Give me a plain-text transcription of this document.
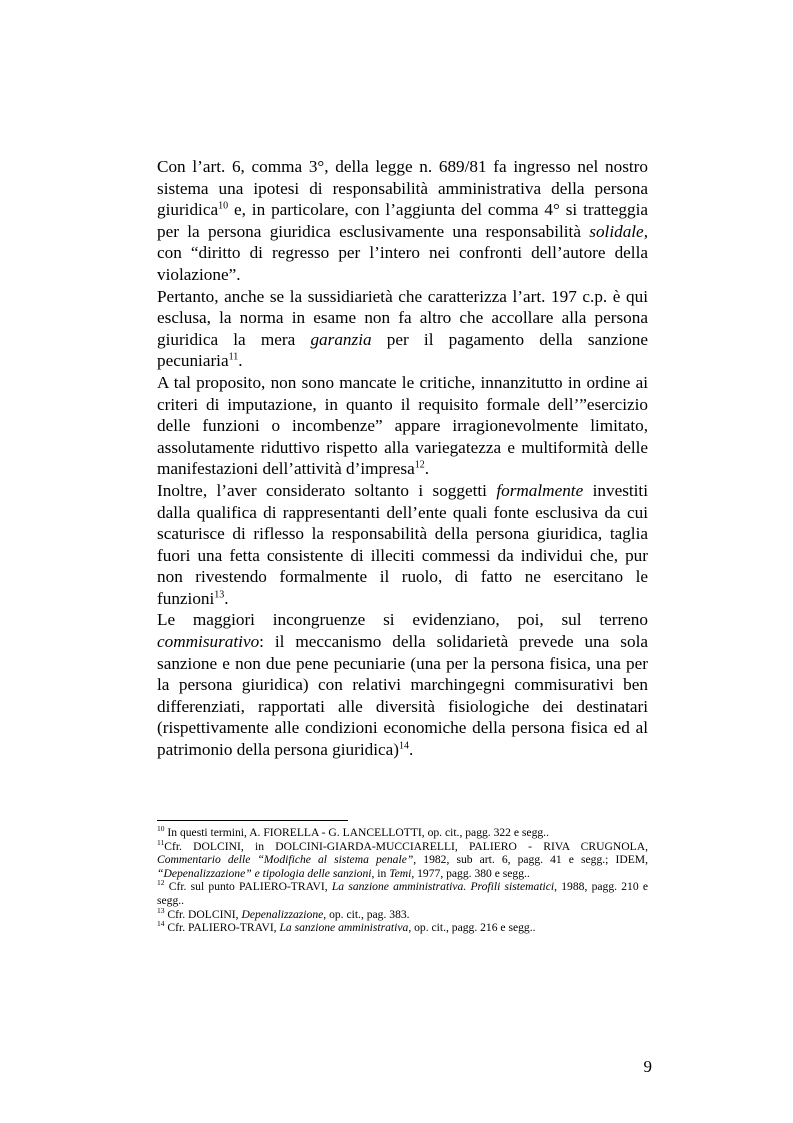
Con l’art. 6, comma 3°, della legge n. 689/81 fa ingresso nel nostro sistema una ipotesi di responsabilità amministrativa della persona giuridica$^{10}$ e, in particolare, con l’aggiunta del comma 4° si tratteggia per la persona giuridica esclusivamente una responsabilità solidale, con “diritto di regresso per l’intero nei confronti dell’autore della violazione”.

Pertanto, anche se la sussidiarietà che caratterizza l’art. 197 c.p. è qui esclusa, la norma in esame non fa altro che accollare alla persona giuridica la mera garanzia per il pagamento della sanzione pecuniaria$^{11}$.

A tal proposito, non sono mancate le critiche, innanzitutto in ordine ai criteri di imputazione, in quanto il requisito formale dell’”esercizio delle funzioni o incombenze” appare irragionevolmente limitato, assolutamente riduttivo rispetto alla variegatezza e multiformità delle manifestazioni dell’attività d’impresa$^{12}$.

Inoltre, l’aver considerato soltanto i soggetti formalmente investiti dalla qualifica di rappresentanti dell’ente quali fonte esclusiva da cui scaturisce di riflesso la responsabilità della persona giuridica, taglia fuori una fetta consistente di illeciti commessi da individui che, pur non rivestendo formalmente il ruolo, di fatto ne esercitano le funzioni$^{13}$.

Le maggiori incongruenze si evidenziano, poi, sul terreno commisurativo: il meccanismo della solidarietà prevede una sola sanzione e non due pene pecuniarie (una per la persona fisica, una per la persona giuridica) con relativi marchingegni commisurativi ben differenziati, rapportati alle diversità fisiologiche dei destinatari (rispettivamente alle condizioni economiche della persona fisica ed al patrimonio della persona giuridica)$^{14}$.

$^{10}$ In questi termini, A. FIORELLA - G. LANCELLOTTI, op. cit., pagg. 322 e segg..

$^{11}$Cfr. DOLCINI, in DOLCINI-GIARDA-MUCCIARELLI, PALIERO - RIVA CRUGNOLA, Commentario delle “Modifiche al sistema penale”, 1982, sub art. 6, pagg. 41 e segg.; IDEM, “Depenalizzazione” e tipologia delle sanzioni, in Temi, 1977, pagg. 380 e segg..

$^{12}$ Cfr. sul punto PALIERO-TRAVI, La sanzione amministrativa. Profili sistematici, 1988, pagg. 210 e segg..

$^{13}$ Cfr. DOLCINI, Depenalizzazione, op. cit., pag. 383.

$^{14}$ Cfr. PALIERO-TRAVI, La sanzione amministrativa, op. cit., pagg. 216 e segg..

9
